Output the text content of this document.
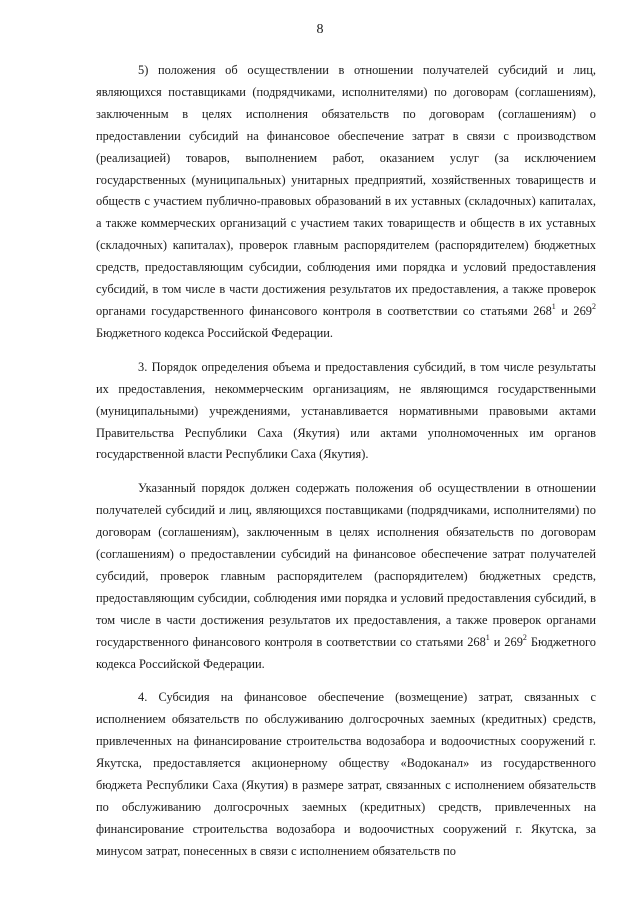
8

5) положения об осуществлении в отношении получателей субсидий и лиц, являющихся поставщиками (подрядчиками, исполнителями) по договорам (соглашениям), заключенным в целях исполнения обязательств по договорам (соглашениям) о предоставлении субсидий на финансовое обеспечение затрат в связи с производством (реализацией) товаров, выполнением работ, оказанием услуг (за исключением государственных (муниципальных) унитарных предприятий, хозяйственных товариществ и обществ с участием публично-правовых образований в их уставных (складочных) капиталах, а также коммерческих организаций с участием таких товариществ и обществ в их уставных (складочных) капиталах), проверок главным распорядителем (распорядителем) бюджетных средств, предоставляющим субсидии, соблюдения ими порядка и условий предоставления субсидий, в том числе в части достижения результатов их предоставления, а также проверок органами государственного финансового контроля в соответствии со статьями $268^1$ и $269^2$ Бюджетного кодекса Российской Федерации.

3. Порядок определения объема и предоставления субсидий, в том числе результаты их предоставления, некоммерческим организациям, не являющимся государственными (муниципальными) учреждениями, устанавливается нормативными правовыми актами Правительства Республики Саха (Якутия) или актами уполномоченных им органов государственной власти Республики Саха (Якутия).

Указанный порядок должен содержать положения об осуществлении в отношении получателей субсидий и лиц, являющихся поставщиками (подрядчиками, исполнителями) по договорам (соглашениям), заключенным в целях исполнения обязательств по договорам (соглашениям) о предоставлении субсидий на финансовое обеспечение затрат получателей субсидий, проверок главным распорядителем (распорядителем) бюджетных средств, предоставляющим субсидии, соблюдения ими порядка и условий предоставления субсидий, в том числе в части достижения результатов их предоставления, а также проверок органами государственного финансового контроля в соответствии со статьями $268^1$ и $269^2$ Бюджетного кодекса Российской Федерации.

4. Субсидия на финансовое обеспечение (возмещение) затрат, связанных с исполнением обязательств по обслуживанию долгосрочных заемных (кредитных) средств, привлеченных на финансирование строительства водозабора и водоочистных сооружений г. Якутска, предоставляется акционерному обществу «Водоканал» из государственного бюджета Республики Саха (Якутия) в размере затрат, связанных с исполнением обязательств по обслуживанию долгосрочных заемных (кредитных) средств, привлеченных на финансирование строительства водозабора и водоочистных сооружений г. Якутска, за минусом затрат, понесенных в связи с исполнением обязательств по
